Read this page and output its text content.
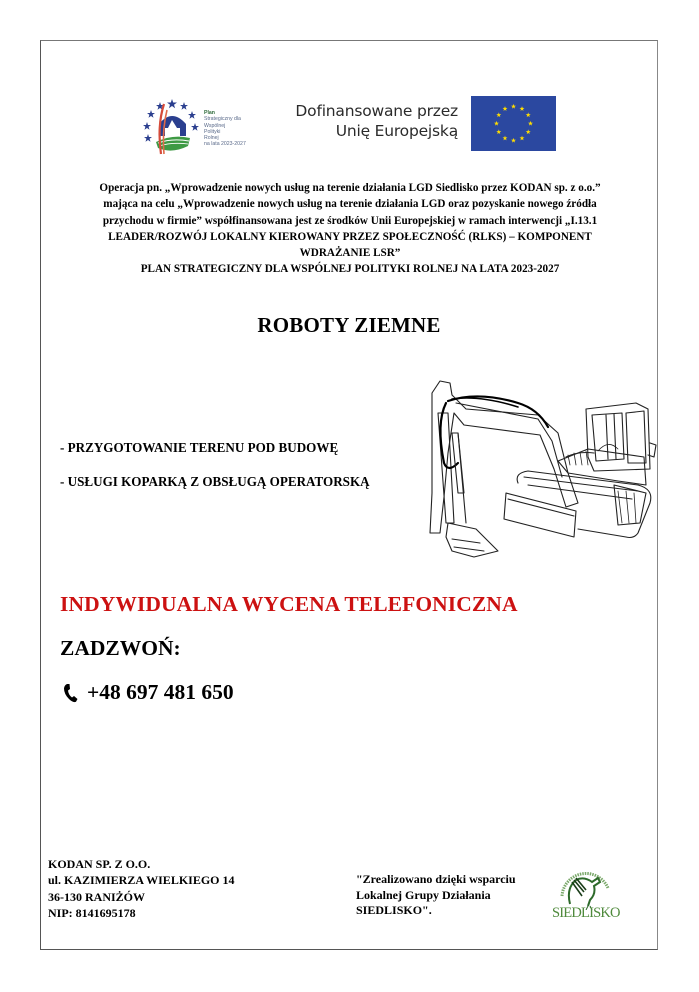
Plan
Strategiczny dla
Wspólnej
Polityki
Rolnej
na lata 2023-2027
Dofinansowane przez
Unię Europejską
Operacja pn. „Wprowadzenie nowych usług na terenie działania LGD Siedlisko przez KODAN sp. z o.o.”
mająca na celu „Wprowadzenie nowych usług na terenie działania LGD oraz pozyskanie nowego źródła
przychodu w firmie” współfinansowana jest ze środków Unii Europejskiej w ramach interwencji „I.13.1
LEADER/ROZWÓJ LOKALNY KIEROWANY PRZEZ SPOŁECZNOŚĆ (RLKS) – KOMPONENT
WDRAŻANIE LSR”
PLAN STRATEGICZNY DLA WSPÓLNEJ POLITYKI ROLNEJ NA LATA 2023-2027
ROBOTY ZIEMNE
- PRZYGOTOWANIE TERENU POD BUDOWĘ
- USŁUGI KOPARKĄ Z OBSŁUGĄ OPERATORSKĄ
INDYWIDUALNA WYCENA TELEFONICZNA
ZADZWOŃ:
+48 697 481 650
KODAN SP. Z O.O.
ul. KAZIMIERZA WIELKIEGO 14
36-130 RANIŻÓW
NIP: 8141695178
"Zrealizowano dzięki wsparciu
Lokalnej Grupy Działania
SIEDLISKO".	SIEDLISKO
